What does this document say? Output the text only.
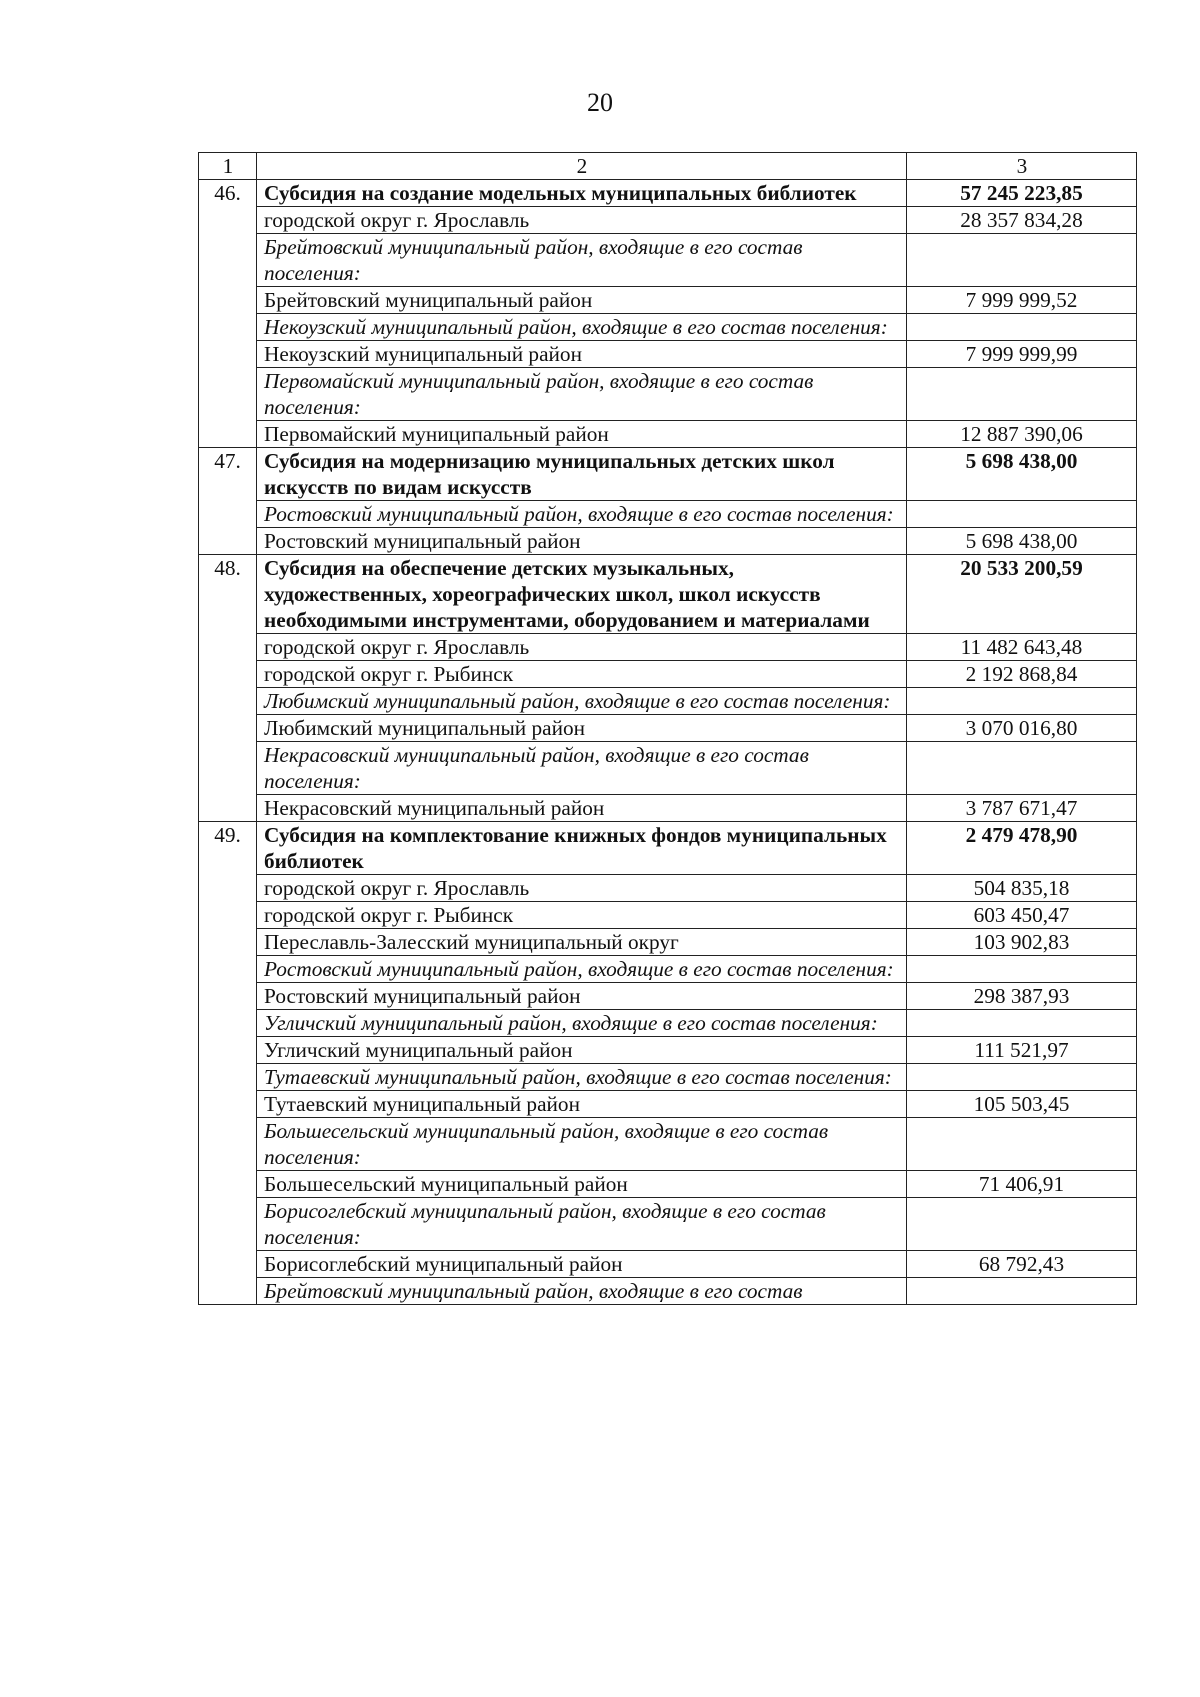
20
1	2	3
46.	Субсидия на создание модельных муниципальных библиотек	57 245 223,85
	городской округ г. Ярославль	28 357 834,28
	Брейтовский муниципальный район, входящие в его состав поселения:	
	Брейтовский муниципальный район	7 999 999,52
	Некоузский муниципальный район, входящие в его состав поселения:	
	Некоузский муниципальный район	7 999 999,99
	Первомайский муниципальный район, входящие в его состав поселения:	
	Первомайский муниципальный район	12 887 390,06
47.	Субсидия на модернизацию муниципальных детских школ искусств по видам искусств	5 698 438,00
	Ростовский муниципальный район, входящие в его состав поселения:	
	Ростовский муниципальный район	5 698 438,00
48.	Субсидия на обеспечение детских музыкальных, художественных, хореографических школ, школ искусств необходимыми инструментами, оборудованием и материалами	20 533 200,59
	городской округ г. Ярославль	11 482 643,48
	городской округ г. Рыбинск	2 192 868,84
	Любимский муниципальный район, входящие в его состав поселения:	
	Любимский муниципальный район	3 070 016,80
	Некрасовский муниципальный район, входящие в его состав поселения:	
	Некрасовский муниципальный район	3 787 671,47
49.	Субсидия на комплектование книжных фондов муниципальных библиотек	2 479 478,90
	городской округ г. Ярославль	504 835,18
	городской округ г. Рыбинск	603 450,47
	Переславль-Залесский муниципальный округ	103 902,83
	Ростовский муниципальный район, входящие в его состав поселения:	
	Ростовский муниципальный район	298 387,93
	Угличский муниципальный район, входящие в его состав поселения:	
	Угличский муниципальный район	111 521,97
	Тутаевский муниципальный район, входящие в его состав поселения:	
	Тутаевский муниципальный район	105 503,45
	Большесельский муниципальный район, входящие в его состав поселения:	
	Большесельский муниципальный район	71 406,91
	Борисоглебский муниципальный район, входящие в его состав поселения:	
	Борисоглебский муниципальный район	68 792,43
	Брейтовский муниципальный район, входящие в его состав	
